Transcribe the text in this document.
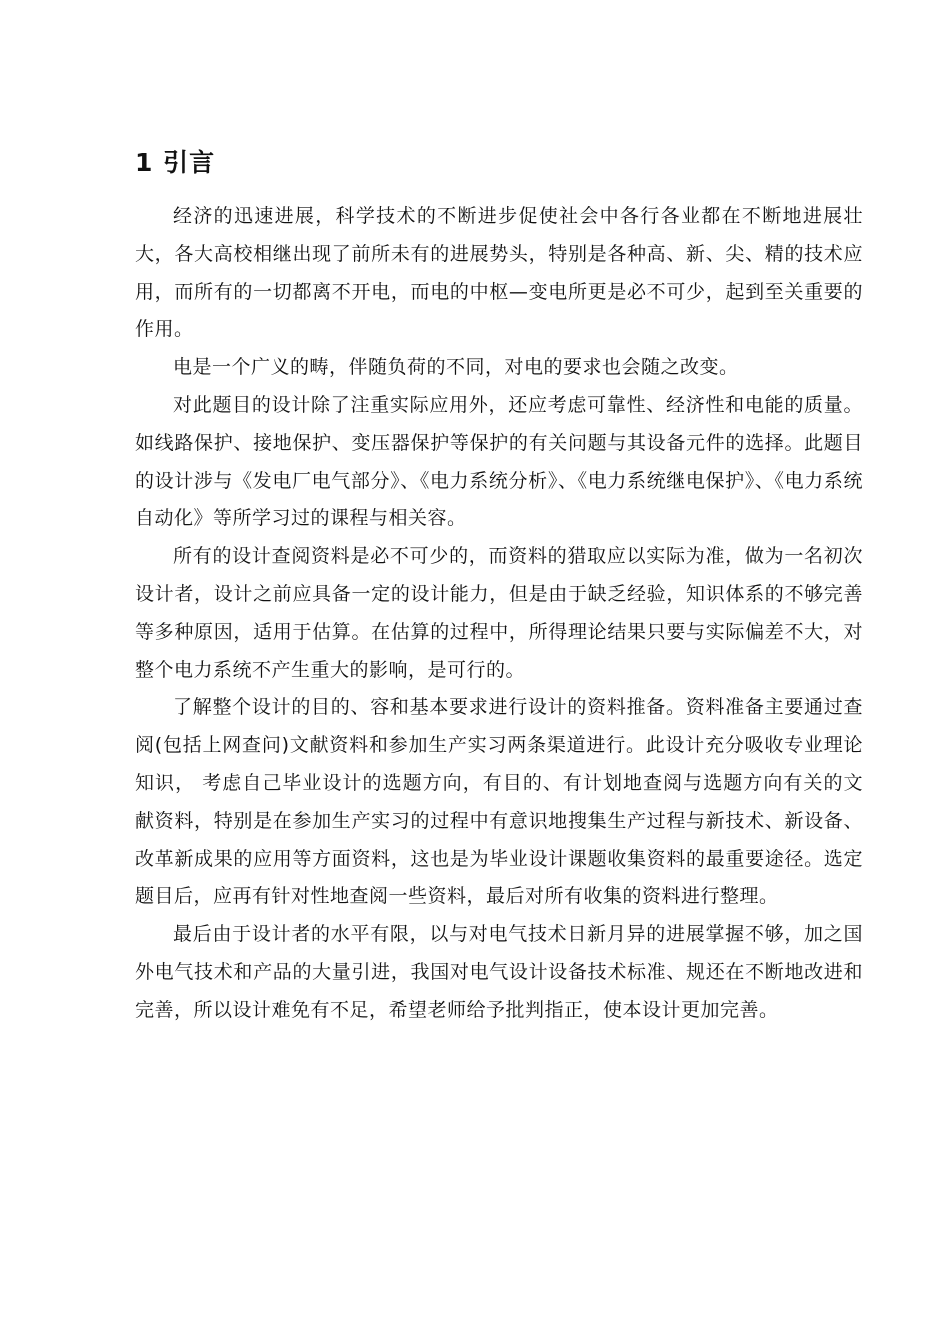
1 引言

经济的迅速进展，科学技术的不断进步促使社会中各行各业都在不断地进展壮大，各大高校相继出现了前所未有的进展势头，特别是各种高、新、尖、精的技术应用，而所有的一切都离不开电，而电的中枢—变电所更是必不可少，起到至关重要的作用。

电是一个广义的畴，伴随负荷的不同，对电的要求也会随之改变。

对此题目的设计除了注重实际应用外，还应考虑可靠性、经济性和电能的质量。如线路保护、接地保护、变压器保护等保护的有关问题与其设备元件的选择。此题目的设计涉与《发电厂电气部分》、《电力系统分析》、《电力系统继电保护》、《电力系统自动化》等所学习过的课程与相关容。

所有的设计查阅资料是必不可少的，而资料的猎取应以实际为准，做为一名初次设计者，设计之前应具备一定的设计能力，但是由于缺乏经验，知识体系的不够完善等多种原因，适用于估算。在估算的过程中，所得理论结果只要与实际偏差不大，对整个电力系统不产生重大的影响，是可行的。

了解整个设计的目的、容和基本要求进行设计的资料推备。资料准备主要通过查阅(包括上网查问)文献资料和参加生产实习两条渠道进行。此设计充分吸收专业理论知识， 考虑自己毕业设计的选题方向，有目的、有计划地查阅与选题方向有关的文献资料，特别是在参加生产实习的过程中有意识地搜集生产过程与新技术、新设备、改革新成果的应用等方面资料，这也是为毕业设计课题收集资料的最重要途径。选定题目后，应再有针对性地查阅一些资料，最后对所有收集的资料进行整理。

最后由于设计者的水平有限，以与对电气技术日新月异的进展掌握不够，加之国外电气技术和产品的大量引进，我国对电气设计设备技术标准、规还在不断地改进和完善，所以设计难免有不足，希望老师给予批判指正，使本设计更加完善。
